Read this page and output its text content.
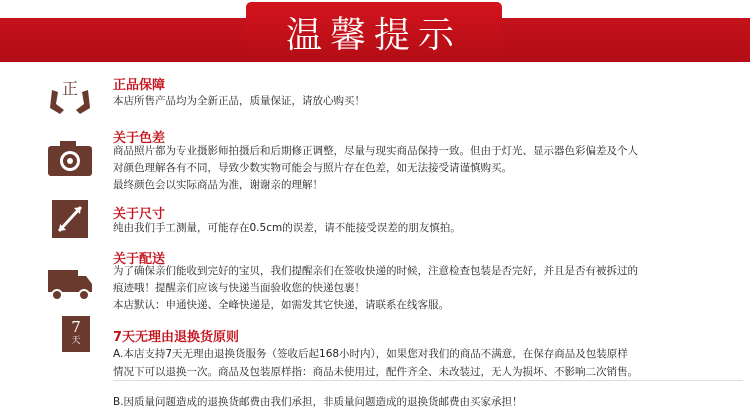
温馨提示
正	正品保障
本店所售产品均为全新正品，质量保证，请放心购买！
关于色差
商品照片都为专业摄影师拍摄后和后期修正调整，尽量与现实商品保持一致。但由于灯光、显示器色彩偏差及个人
对颜色理解各有不同，导致少数实物可能会与照片存在色差，如无法接受请谨慎购买。
最终颜色会以实际商品为准，谢谢亲的理解！
关于尺寸
纯由我们手工测量，可能存在0.5cm的误差，请不能接受误差的朋友慎拍。
关于配送
为了确保亲们能收到完好的宝贝，我们提醒亲们在签收快递的时候，注意检查包装是否完好，并且是否有被拆过的
痕迹哦！提醒亲们应该与快递当面验收您的快递包裹！
本店默认：申通快递、全峰快递是，如需发其它快递，请联系在线客服。
7
天	7天无理由退换货原则
A.本店支持7天无理由退换货服务（签收后起168小时内），如果您对我们的商品不满意，在保存商品及包装原样
情况下可以退换一次。商品及包装原样指：商品未使用过，配件齐全、未改装过，无人为损坏、不影响二次销售。
B.因质量问题造成的退换货邮费由我们承担，非质量问题造成的退换货邮费由买家承担！
